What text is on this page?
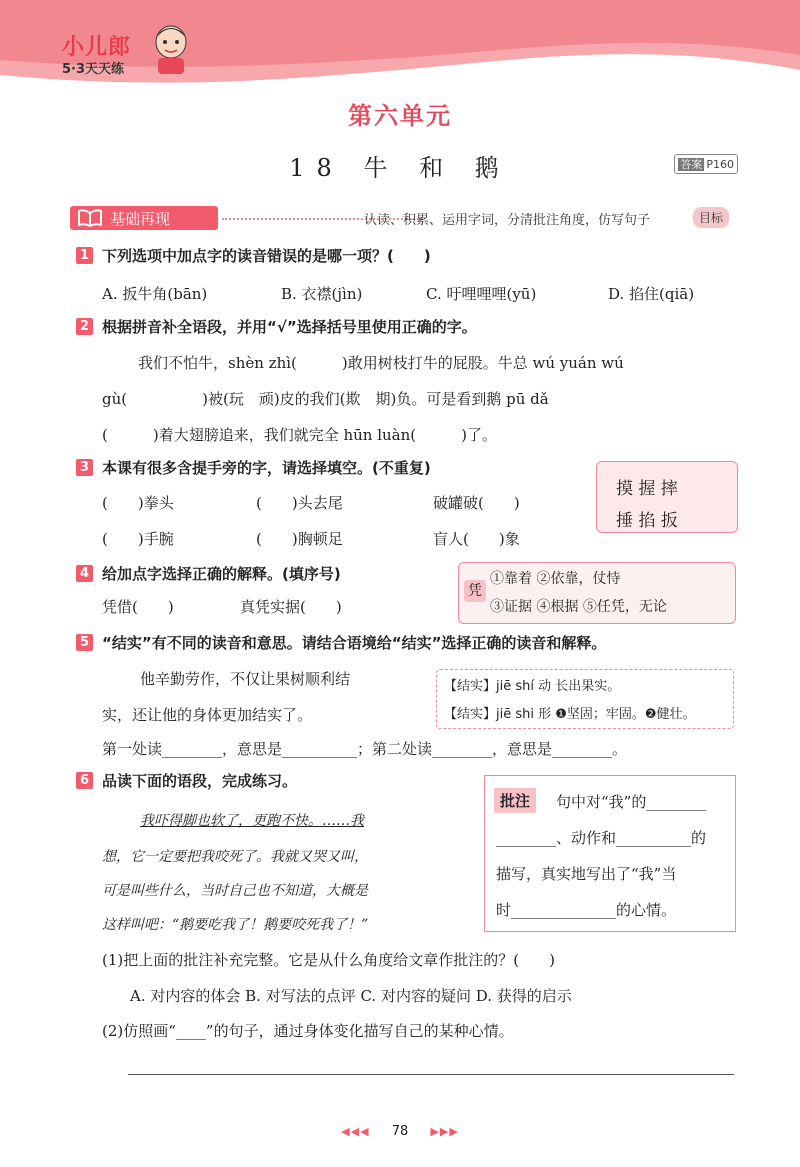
小儿郎
5·3天天练
第六单元
18 牛 和 鹅	答案 P160
基础再现	认读、积累、运用字词，分清批注角度，仿写句子	目标
1 下列选项中加点字的读音错误的是哪一项？(　　)
A. 扳牛角(bān)	B. 衣襟(jìn)	C. 吁哩哩哩(yū)	D. 掐住(qiā)
2 根据拼音补全语段，并用“√”选择括号里使用正确的字。
我们不怕牛，shèn zhì(　　　)敢用树枝打牛的屁股。牛总 wú yuán wú
gù(　　　　　)被(玩　顽)皮的我们(欺　期)负。可是看到鹅 pū dǎ
(　　　)着大翅膀追来，我们就完全 hūn luàn(　　　)了。
3 本课有很多含提手旁的字，请选择填空。(不重复)
(　　)拳头	(　　)头去尾	破罐破(　　)
(　　)手腕	(　　)胸顿足	盲人(　　)象
摸 握 摔
捶 掐 扳
4 给加点字选择正确的解释。(填序号)
凭借(　　)	真凭实据(　　)
凭
①靠着 ②依靠，仗恃
③证据 ④根据 ⑤任凭，无论
5 “结实”有不同的读音和意思。请结合语境给“结实”选择正确的读音和解释。
他辛勤劳作，不仅让果树顺利结
实，还让他的身体更加结实了。
【结实】jiē shí 动 长出果实。
【结实】jiē shi 形 ❶坚固；牢固。❷健壮。
第一处读________，意思是__________；第二处读________，意思是________。
6 品读下面的语段，完成练习。
我吓得脚也软了，更跑不快。……我
想，它一定要把我咬死了。我就又哭又叫，
可是叫些什么，当时自己也不知道，大概是
这样叫吧：“鹅要吃我了！鹅要咬死我了！”
批注	句中对“我”的________
________、动作和__________的
描写，真实地写出了“我”当
时______________的心情。
(1)把上面的批注补充完整。它是从什么角度给文章作批注的？(　　)
A. 对内容的体会 B. 对写法的点评 C. 对内容的疑问 D. 获得的启示
(2)仿照画“____”的句子，通过身体变化描写自己的某种心情。
◀◀◀ 78 ▶▶▶
